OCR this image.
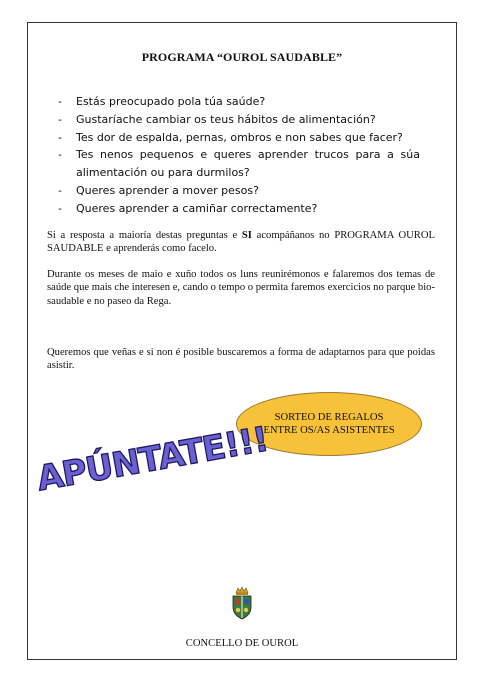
PROGRAMA “OUROL SAUDABLE”
- Estás preocupado pola túa saúde?
- Gustaríache cambiar os teus hábitos de alimentación?
- Tes dor de espalda, pernas, ombros e non sabes que facer?
- Tes nenos pequenos e queres aprender trucos para a súa alimentación ou para durmilos?
- Queres aprender a mover pesos?
- Queres aprender a camiñar correctamente?
Si a resposta a maioría destas preguntas e SI acompáñanos no PROGRAMA OUROL SAUDABLE e aprenderás como facelo.
Durante os meses de maio e xuño todos os luns reunirémonos e falaremos dos temas de saúde que mais che interesen e, cando o tempo o permita faremos exercicios no parque bio-saudable e no paseo da Rega.
Queremos que veñas e si non é posible buscaremos a forma de adaptarnos para que poidas asistir.
SORTEO DE REGALOS
ENTRE OS/AS ASISTENTES
APÚNTATE!!!
CONCELLO DE OUROL
